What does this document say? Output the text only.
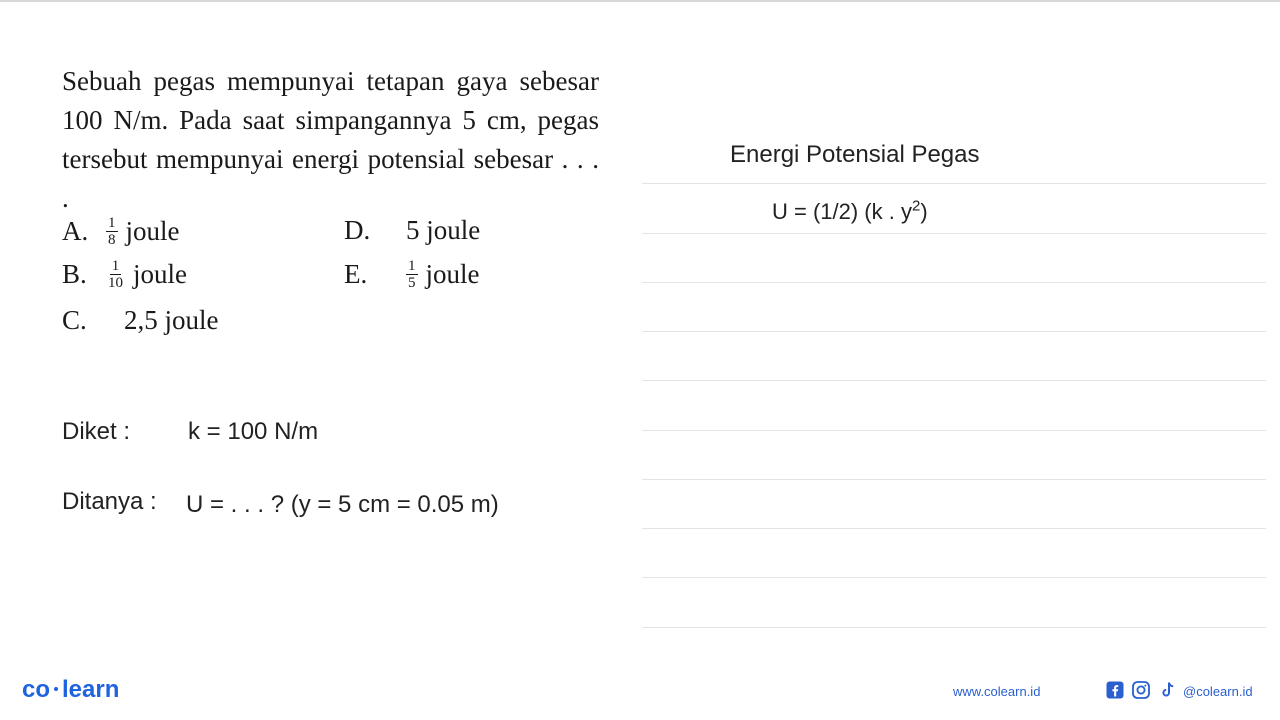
Sebuah pegas mempunyai tetapan gaya sebesar 100 N/m. Pada saat simpangannya 5 cm, pegas tersebut mempunyai energi potensial sebesar . . . .
A.	$\frac{1}{8}$ joule	D.	5 joule
B.	$\frac{1}{10}$ joule	E.	$\frac{1}{5}$ joule
C.	2,5 joule
Diket : k = 100 N/m
Ditanya : U = . . . ? (y = 5 cm = 0.05 m)
Energi Potensial Pegas
U = (1/2) (k . $y^2$)
co learn	www.colearn.id	@colearn.id
